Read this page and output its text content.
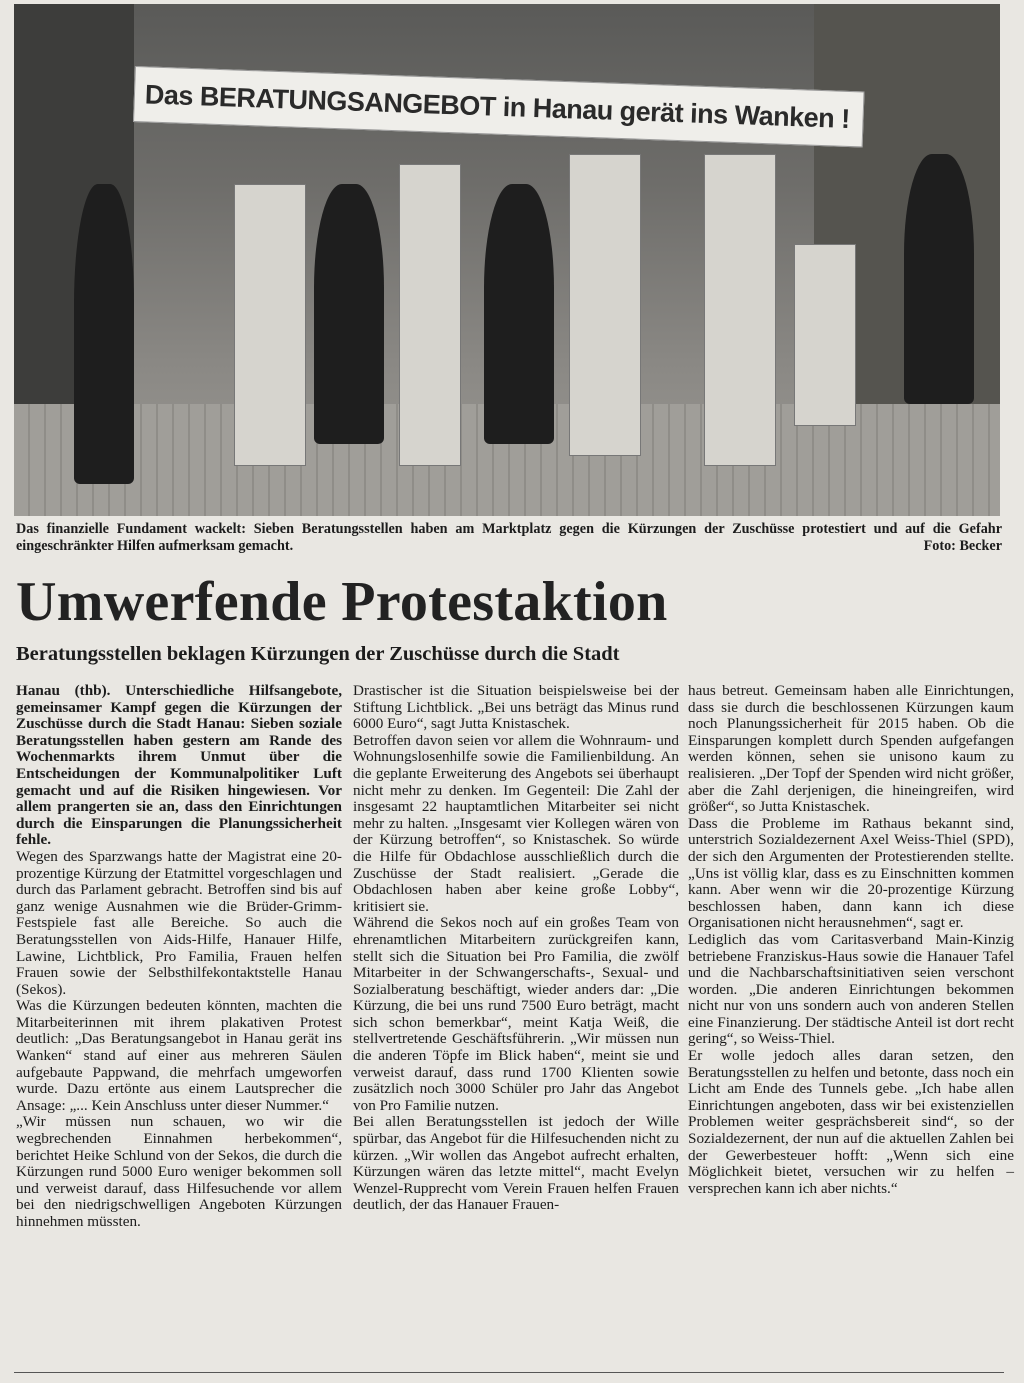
Das BERATUNGSANGEBOT in Hanau gerät ins Wanken !
Das finanzielle Fundament wackelt: Sieben Beratungsstellen haben am Marktplatz gegen die Kürzungen der Zuschüsse protestiert und auf die Gefahr eingeschränkter Hilfen aufmerksam gemacht.	Foto: Becker
Umwerfende Protestaktion
Beratungsstellen beklagen Kürzungen der Zuschüsse durch die Stadt

Hanau (thb). Unterschiedliche Hilfsangebote, gemeinsamer Kampf gegen die Kürzungen der Zuschüsse durch die Stadt Hanau: Sieben soziale Beratungsstellen haben gestern am Rande des Wochenmarkts ihrem Unmut über die Entscheidungen der Kommunalpolitiker Luft gemacht und auf die Risiken hingewiesen. Vor allem prangerten sie an, dass den Einrichtungen durch die Einsparungen die Planungssicherheit fehle.

Wegen des Sparzwangs hatte der Magistrat eine 20-prozentige Kürzung der Etatmittel vorgeschlagen und durch das Parlament gebracht. Betroffen sind bis auf ganz wenige Ausnahmen wie die Brüder-Grimm-Festspiele fast alle Bereiche. So auch die Beratungsstellen von Aids-Hilfe, Hanauer Hilfe, Lawine, Lichtblick, Pro Familia, Frauen helfen Frauen sowie der Selbsthilfekontaktstelle Hanau (Sekos).

Was die Kürzungen bedeuten könnten, machten die Mitarbeiterinnen mit ihrem plakativen Protest deutlich: „Das Beratungsangebot in Hanau gerät ins Wanken“ stand auf einer aus mehreren Säulen aufgebaute Pappwand, die mehrfach umgeworfen wurde. Dazu ertönte aus einem Lautsprecher die Ansage: „... Kein Anschluss unter dieser Nummer.“

„Wir müssen nun schauen, wo wir die wegbrechenden Einnahmen herbekommen“, berichtet Heike Schlund von der Sekos, die durch die Kürzungen rund 5000 Euro weniger bekommen soll und verweist darauf, dass Hilfesuchende vor allem bei den niedrigschwelligen Angeboten Kürzungen hinnehmen müssten.

Drastischer ist die Situation beispielsweise bei der Stiftung Lichtblick. „Bei uns beträgt das Minus rund 6000 Euro“, sagt Jutta Knistaschek.

Betroffen davon seien vor allem die Wohnraum- und Wohnungslosenhilfe sowie die Familienbildung. An die geplante Erweiterung des Angebots sei überhaupt nicht mehr zu denken. Im Gegenteil: Die Zahl der insgesamt 22 hauptamtlichen Mitarbeiter sei nicht mehr zu halten. „Insgesamt vier Kollegen wären von der Kürzung betroffen“, so Knistaschek. So würde die Hilfe für Obdachlose ausschließlich durch die Zuschüsse der Stadt realisiert. „Gerade die Obdachlosen haben aber keine große Lobby“, kritisiert sie.

Während die Sekos noch auf ein großes Team von ehrenamtlichen Mitarbeitern zurückgreifen kann, stellt sich die Situation bei Pro Familia, die zwölf Mitarbeiter in der Schwangerschafts-, Sexual- und Sozialberatung beschäftigt, wieder anders dar: „Die Kürzung, die bei uns rund 7500 Euro beträgt, macht sich schon bemerkbar“, meint Katja Weiß, die stellvertretende Geschäftsführerin. „Wir müssen nun die anderen Töpfe im Blick haben“, meint sie und verweist darauf, dass rund 1700 Klienten sowie zusätzlich noch 3000 Schüler pro Jahr das Angebot von Pro Familie nutzen.

Bei allen Beratungsstellen ist jedoch der Wille spürbar, das Angebot für die Hilfesuchenden nicht zu kürzen. „Wir wollen das Angebot aufrecht erhalten, Kürzungen wären das letzte mittel“, macht Evelyn Wenzel-Rupprecht vom Verein Frauen helfen Frauen deutlich, der das Hanauer Frauen-

haus betreut. Gemeinsam haben alle Einrichtungen, dass sie durch die beschlossenen Kürzungen kaum noch Planungssicherheit für 2015 haben. Ob die Einsparungen komplett durch Spenden aufgefangen werden können, sehen sie unisono kaum zu realisieren. „Der Topf der Spenden wird nicht größer, aber die Zahl derjenigen, die hineingreifen, wird größer“, so Jutta Knistaschek.

Dass die Probleme im Rathaus bekannt sind, unterstrich Sozialdezernent Axel Weiss-Thiel (SPD), der sich den Argumenten der Protestierenden stellte. „Uns ist völlig klar, dass es zu Einschnitten kommen kann. Aber wenn wir die 20-prozentige Kürzung beschlossen haben, dann kann ich diese Organisationen nicht herausnehmen“, sagt er.

Lediglich das vom Caritasverband Main-Kinzig betriebene Franziskus-Haus sowie die Hanauer Tafel und die Nachbarschaftsinitiativen seien verschont worden. „Die anderen Einrichtungen bekommen nicht nur von uns sondern auch von anderen Stellen eine Finanzierung. Der städtische Anteil ist dort recht gering“, so Weiss-Thiel.

Er wolle jedoch alles daran setzen, den Beratungsstellen zu helfen und betonte, dass noch ein Licht am Ende des Tunnels gebe. „Ich habe allen Einrichtungen angeboten, dass wir bei existenziellen Problemen weiter gesprächsbereit sind“, so der Sozialdezernent, der nun auf die aktuellen Zahlen bei der Gewerbesteuer hofft: „Wenn sich eine Möglichkeit bietet, versuchen wir zu helfen – versprechen kann ich aber nichts.“
